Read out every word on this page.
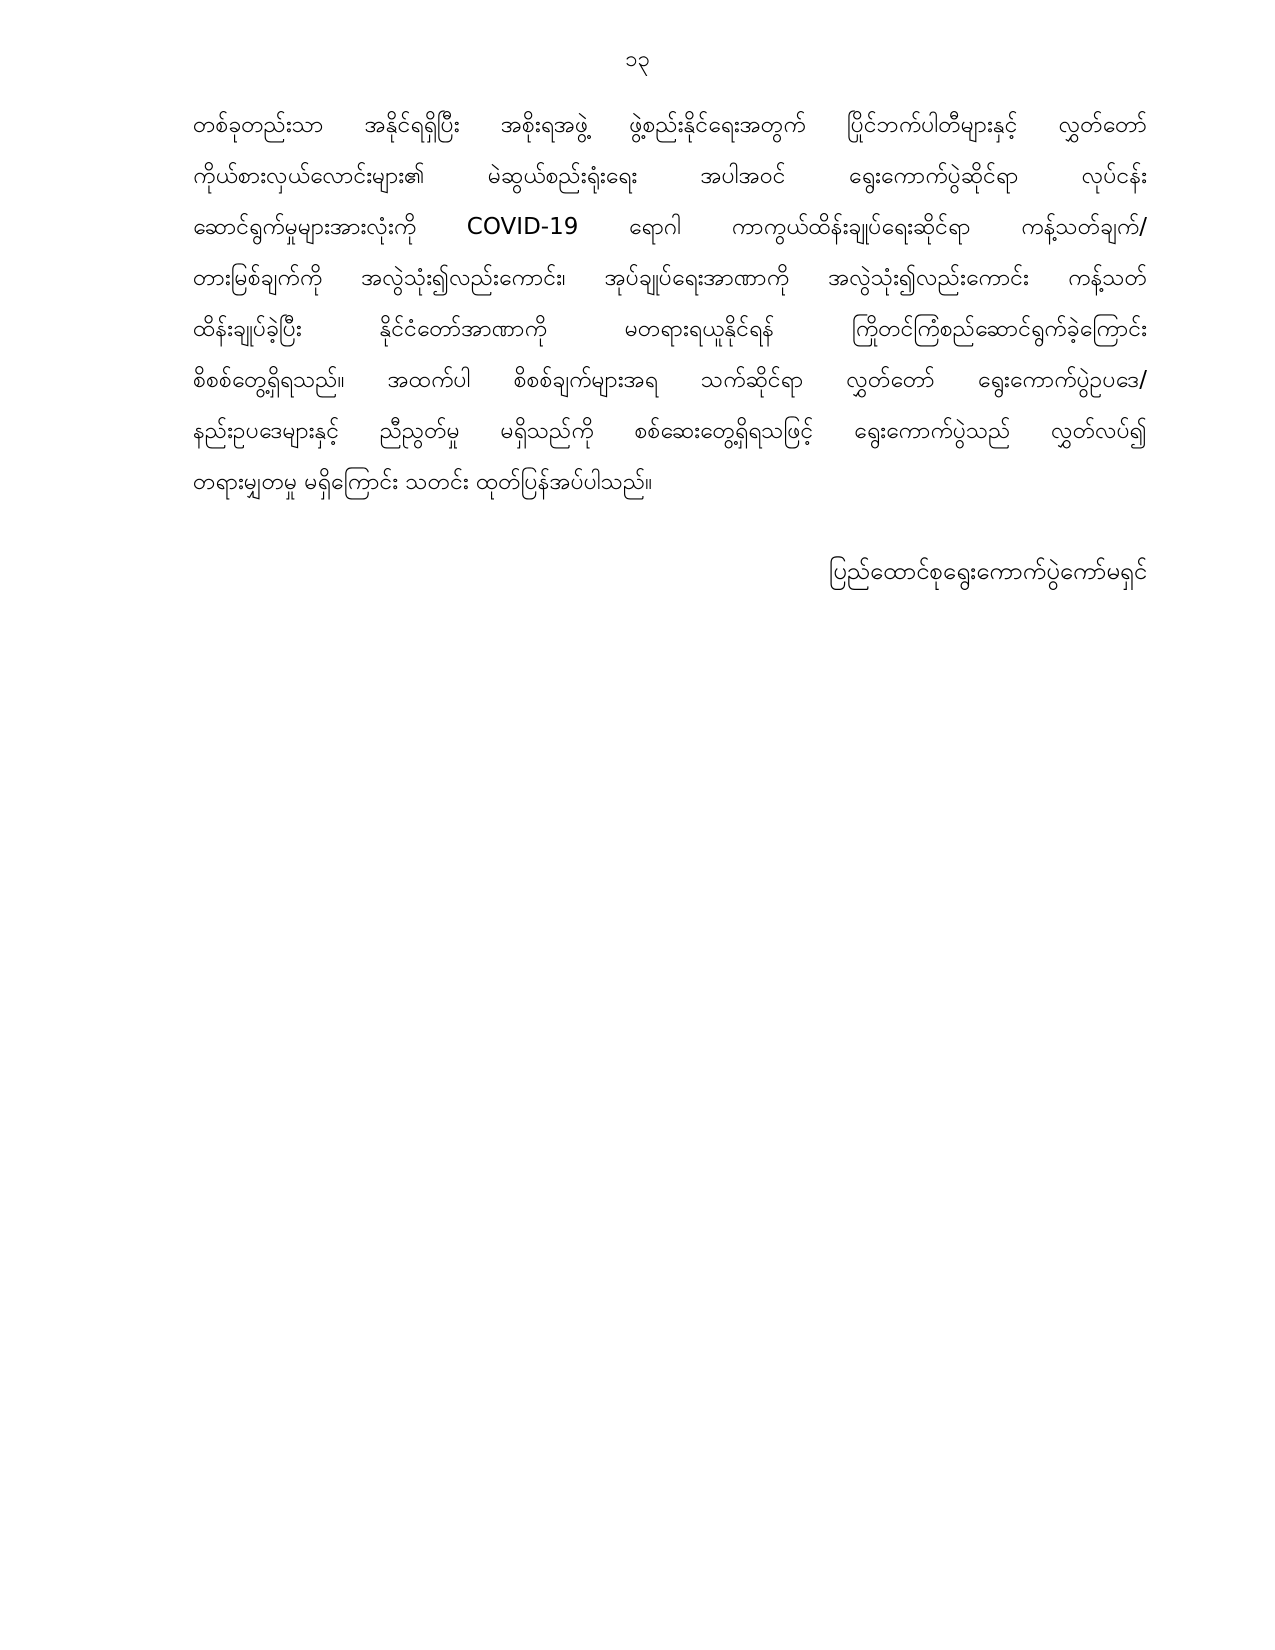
၁၃
တစ်ခုတည်းသာ အနိုင်ရရှိပြီး အစိုးရအဖွဲ့ ဖွဲ့စည်းနိုင်ရေးအတွက် ပြိုင်ဘက်ပါတီများနှင့် လွှတ်တော်
ကိုယ်စားလှယ်လောင်းများ၏ မဲဆွယ်စည်းရုံးရေး အပါအဝင် ရွေးကောက်ပွဲဆိုင်ရာ လုပ်ငန်း
ဆောင်ရွက်မှုများအားလုံးကို COVID-19 ရောဂါ ကာကွယ်ထိန်းချုပ်ရေးဆိုင်ရာ ကန့်သတ်ချက်/
တားမြစ်ချက်ကို အလွဲသုံး၍လည်းကောင်း၊ အုပ်ချုပ်ရေးအာဏာကို အလွဲသုံး၍လည်းကောင်း ကန့်သတ်
ထိန်းချုပ်ခဲ့ပြီး နိုင်ငံတော်အာဏာကို မတရားရယူနိုင်ရန် ကြိုတင်ကြံစည်ဆောင်ရွက်ခဲ့ကြောင်း
စိစစ်တွေ့ရှိရသည်။ အထက်ပါ စိစစ်ချက်များအရ သက်ဆိုင်ရာ လွှတ်တော် ရွေးကောက်ပွဲဥပဒေ/
နည်းဥပဒေများနှင့် ညီညွတ်မှု မရှိသည်ကို စစ်ဆေးတွေ့ရှိရသဖြင့် ရွေးကောက်ပွဲသည် လွှတ်လပ်၍
တရားမျှတမှု မရှိကြောင်း သတင်း ထုတ်ပြန်အပ်ပါသည်။
ပြည်ထောင်စုရွေးကောက်ပွဲကော်မရှင်
